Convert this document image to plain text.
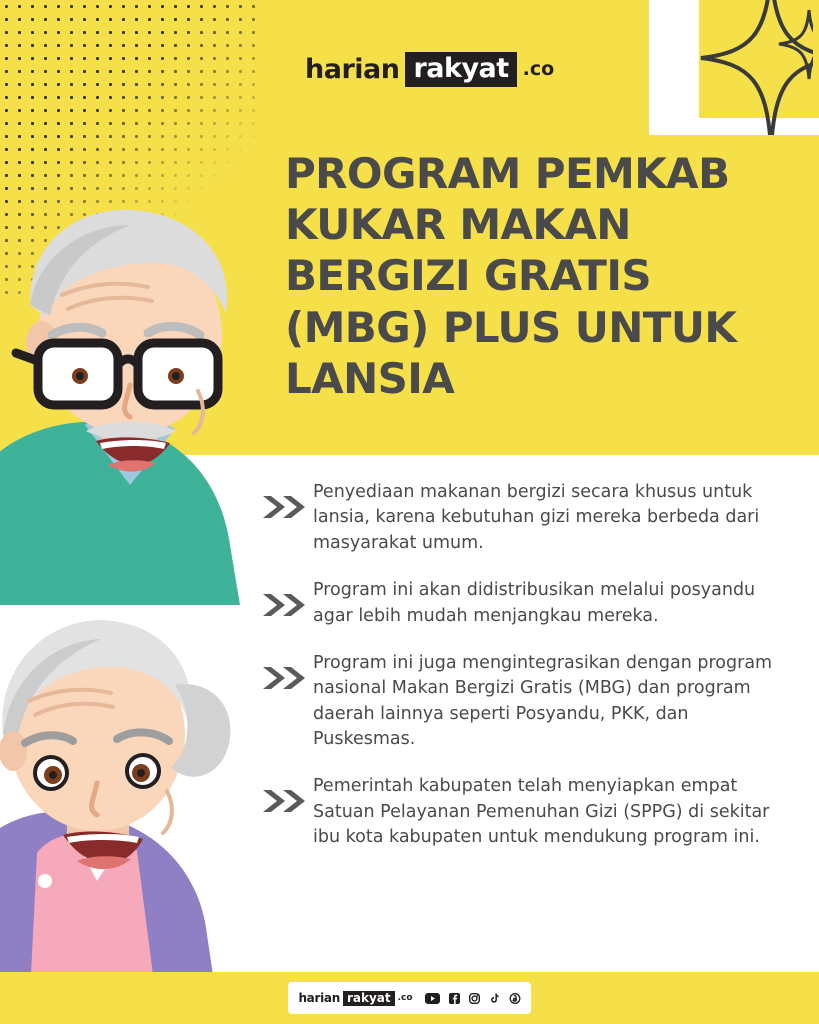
harian rakyat .co
PROGRAM PEMKAB KUKAR MAKAN BERGIZI GRATIS (MBG) PLUS UNTUK LANSIA
Penyediaan makanan bergizi secara khusus untuk lansia, karena kebutuhan gizi mereka berbeda dari masyarakat umum.
Program ini akan didistribusikan melalui posyandu agar lebih mudah menjangkau mereka.
Program ini juga mengintegrasikan dengan program nasional Makan Bergizi Gratis (MBG) dan program daerah lainnya seperti Posyandu, PKK, dan Puskesmas.
Pemerintah kabupaten telah menyiapkan empat Satuan Pelayanan Pemenuhan Gizi (SPPG) di sekitar ibu kota kabupaten untuk mendukung program ini.
harian rakyat .co
